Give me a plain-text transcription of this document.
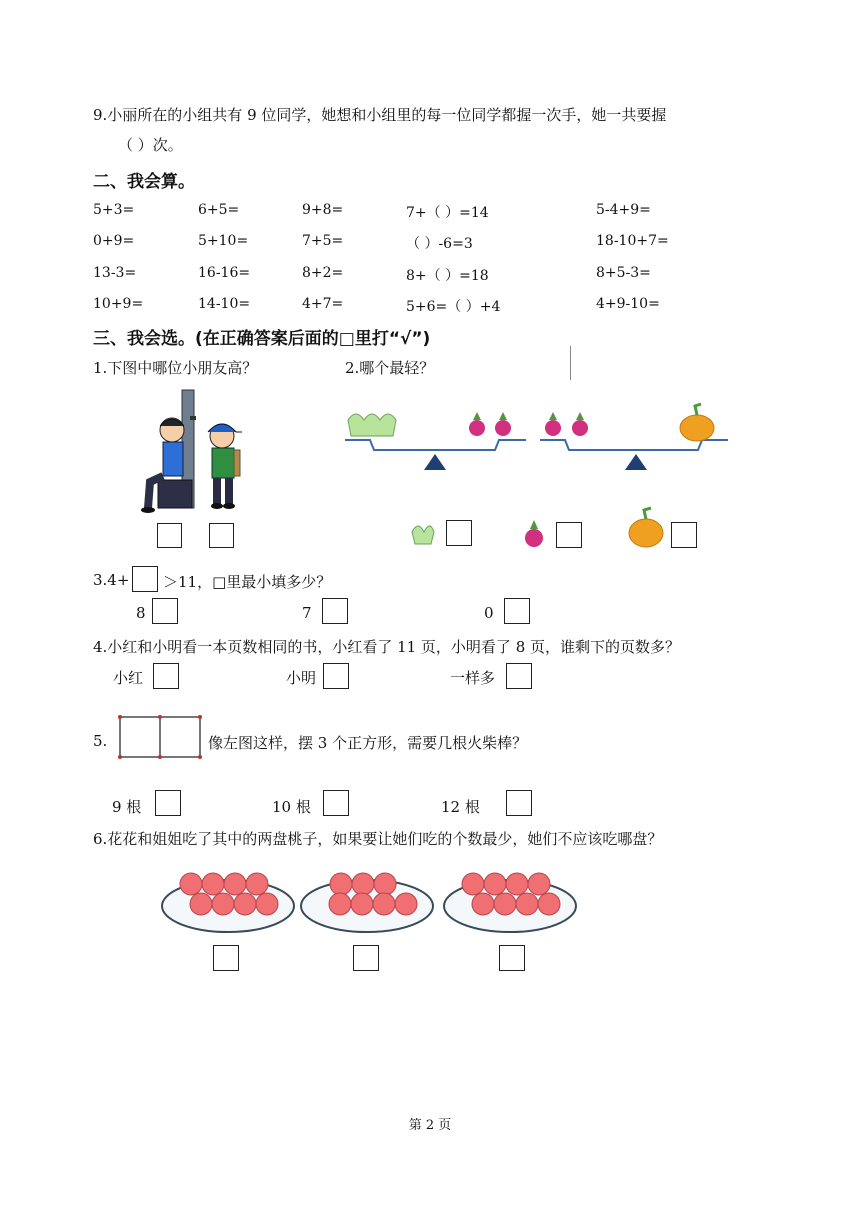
9.小丽所在的小组共有 9 位同学，她想和小组里的每一位同学都握一次手，她一共要握
（ ）次。
二、我会算。
5+3=	6+5=	9+8=	7+（ ）=14	5-4+9=
0+9=	5+10=	7+5=	（ ）-6=3	18-10+7=
13-3=	16-16=	8+2=	8+（ ）=18	8+5-3=
10+9=	14-10=	4+7=	5+6=（ ）+4	4+9-10=
三、我会选。(在正确答案后面的□里打“√”)
1.下图中哪位小朋友高？	2.哪个最轻？
3.4+ ＞11，□里最小填多少？
8	7	0
4.小红和小明看一本页数相同的书，小红看了 11 页，小明看了 8 页，谁剩下的页数多？
小红	小明	一样多
5.	像左图这样，摆 3 个正方形，需要几根火柴棒？
9 根	10 根	12 根
6.花花和姐姐吃了其中的两盘桃子，如果要让她们吃的个数最少，她们不应该吃哪盘？
第 2 页
